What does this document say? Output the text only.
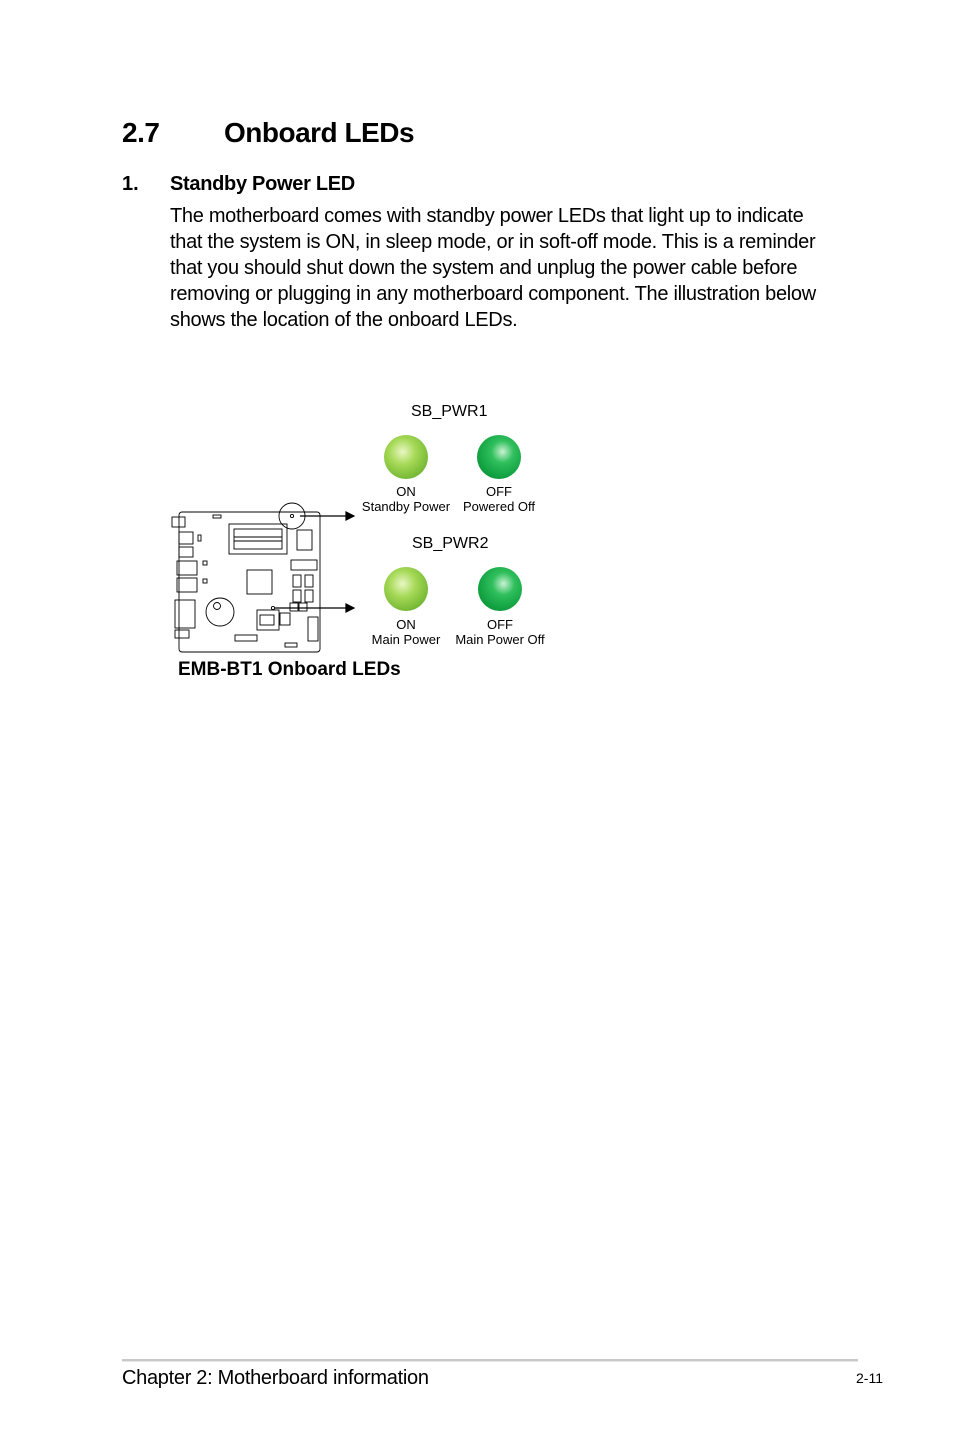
2.7 Onboard LEDs
1. Standby Power LED
The motherboard comes with standby power LEDs that light up to indicate that the system is ON, in sleep mode, or in soft-off mode. This is a reminder that you should shut down the system and unplug the power cable before removing or plugging in any motherboard component. The illustration below shows the location of the onboard LEDs.
SB_PWR1
ON
Standby Power
OFF
Powered Off
SB_PWR2
ON
Main Power
OFF
Main Power Off
EMB-BT1 Onboard LEDs
Chapter 2: Motherboard information	2-11
